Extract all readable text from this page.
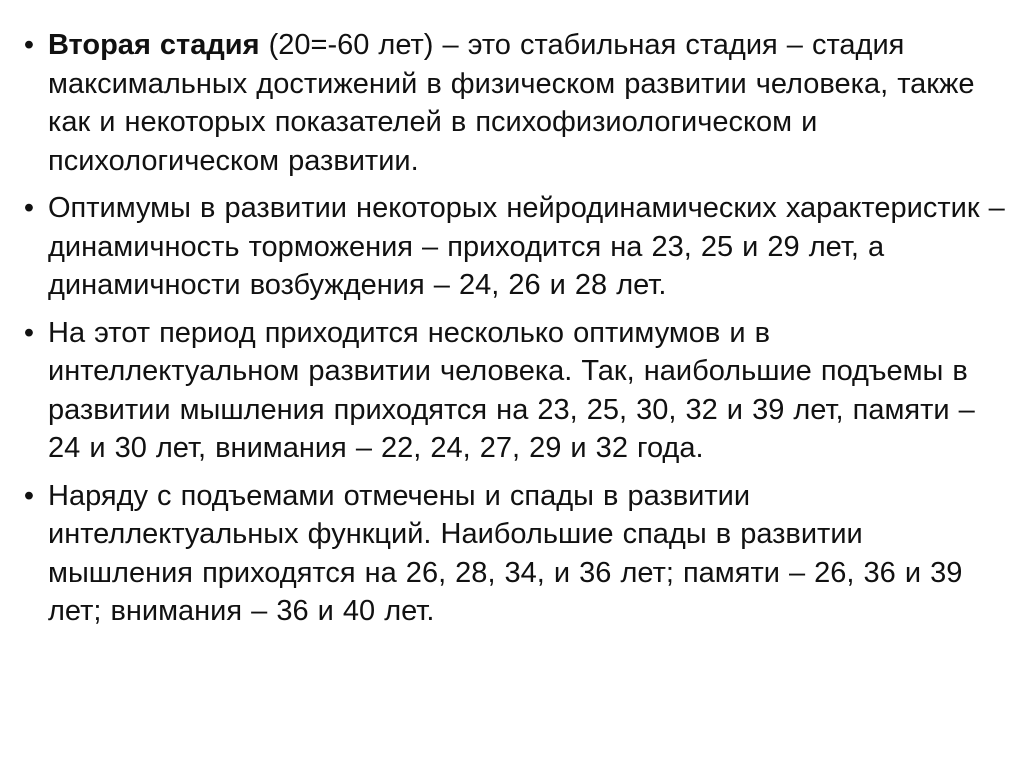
• Вторая стадия (20=-60 лет) – это стабильная стадия – стадия максимальных достижений в физическом развитии человека, также как и некоторых показателей в психофизиологическом и психологическом развитии.
• Оптимумы в развитии некоторых нейродинамических характеристик – динамичность торможения – приходится на 23, 25 и 29 лет, а динамичности возбуждения – 24, 26 и 28 лет.
• На этот период приходится несколько оптимумов и в интеллектуальном развитии человека. Так, наибольшие подъемы в развитии мышления приходятся на 23, 25, 30, 32 и 39 лет, памяти – 24 и 30 лет, внимания – 22, 24, 27, 29 и 32 года.
• Наряду с подъемами отмечены и спады в развитии интеллектуальных функций. Наибольшие спады в развитии мышления приходятся на 26, 28, 34, и 36 лет; памяти – 26, 36 и 39 лет; внимания – 36 и 40 лет.
